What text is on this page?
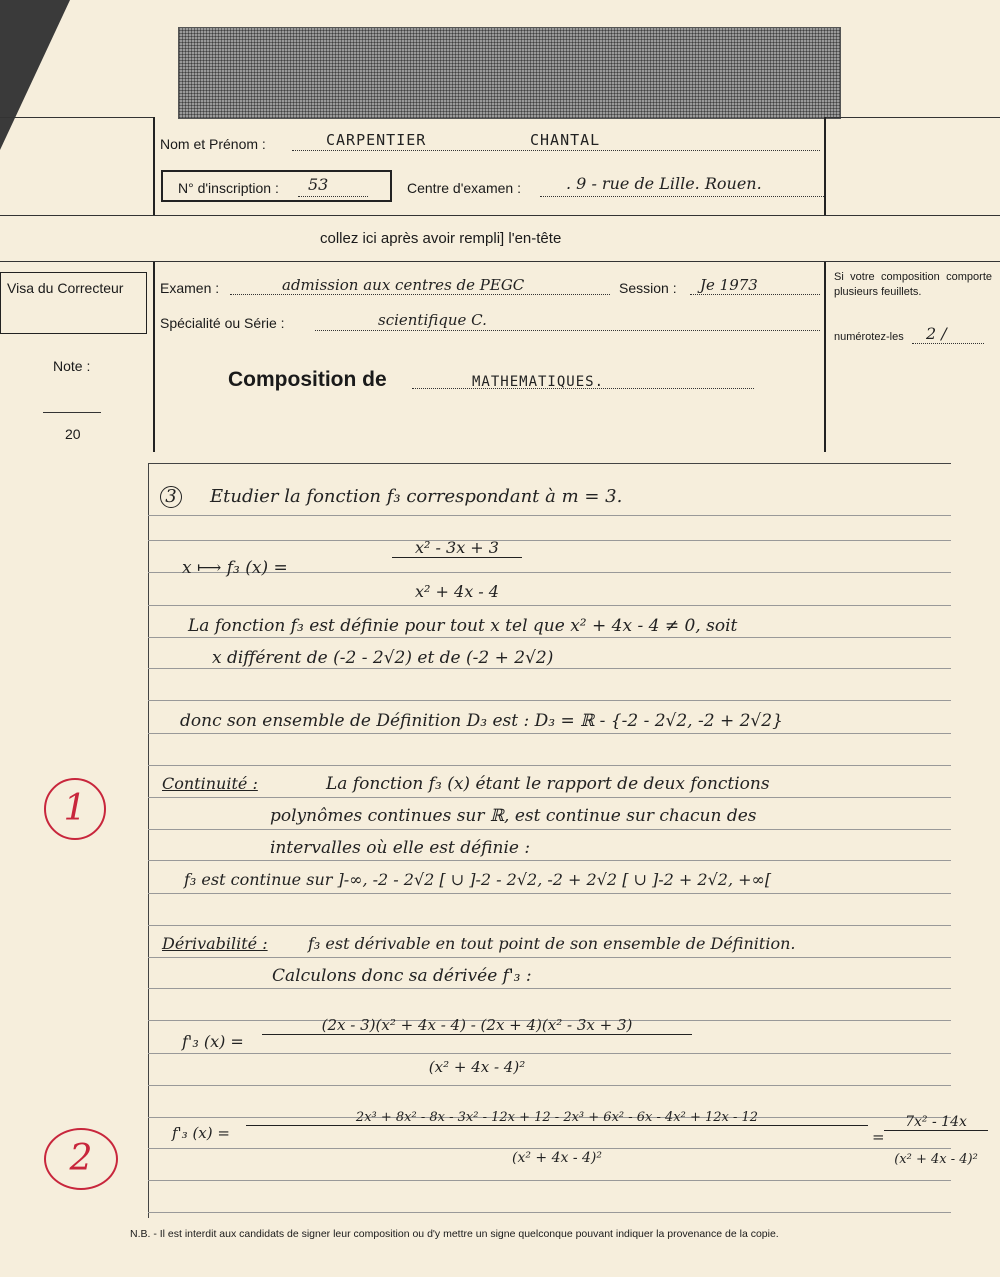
Nom et Prénom :	CARPENTIER	CHANTAL
N° d'inscription : 53	Centre d'examen :	. 9 - rue de Lille. Rouen.
collez ici après avoir rempli] l'en-tête
Visa du Correcteur
Note :
20
Examen :	admission aux centres de PEGC	Session : Je 1973
Spécialité ou Série :	scientifique C.
Composition de	MATHEMATIQUES.
Si votre composition comporte plusieurs feuillets.
numérotez-les 2 /
3 Etudier la fonction f₃ correspondant à m = 3.
x ⟼ f₃ (x) =
x² - 3x + 3
x² + 4x - 4
La fonction f₃ est définie pour tout x tel que x² + 4x - 4 ≠ 0, soit
x différent de (-2 - 2√2) et de (-2 + 2√2)
donc son ensemble de Définition D₃ est : D₃ = ℝ - {-2 - 2√2, -2 + 2√2}
Continuité :	La fonction f₃ (x) étant le rapport de deux fonctions
polynômes continues sur ℝ, est continue sur chacun des
intervalles où elle est définie :
f₃ est continue sur ]-∞, -2 - 2√2 [ ∪ ]-2 - 2√2, -2 + 2√2 [ ∪ ]-2 + 2√2, +∞[
Dérivabilité :	f₃ est dérivable en tout point de son ensemble de Définition.
Calculons donc sa dérivée f'₃ :
f'₃ (x) =
(2x - 3)(x² + 4x - 4) - (2x + 4)(x² - 3x + 3)
(x² + 4x - 4)²
f'₃ (x) =
2x³ + 8x² - 8x - 3x² - 12x + 12 - 2x³ + 6x² - 6x - 4x² + 12x - 12
(x² + 4x - 4)²
=
7x² - 14x
(x² + 4x - 4)²
1
2
N.B. - Il est interdit aux candidats de signer leur composition ou d'y mettre un signe quelconque pouvant indiquer la provenance de la copie.
